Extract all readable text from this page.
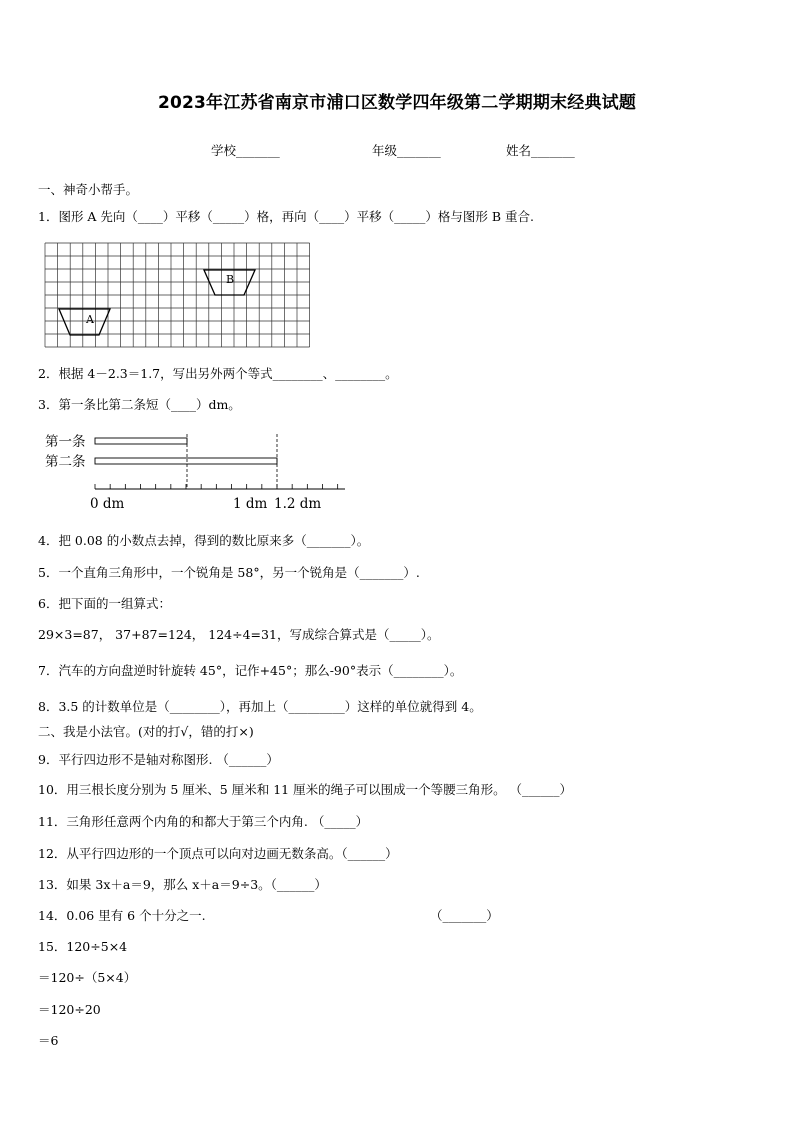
2023年江苏省南京市浦口区数学四年级第二学期期末经典试题
学校_______	年级_______	姓名_______
一、神奇小帮手。
1．图形 A 先向（____）平移（_____）格，再向（____）平移（_____）格与图形 B 重合.
B
A
2．根据 4－2.3＝1.7，写出另外两个等式________、________。
3．第一条比第二条短（____）dm。
第一条
第二条
0 dm	1 dm 1.2 dm
4．把 0.08 的小数点去掉，得到的数比原来多（_______）。
5．一个直角三角形中，一个锐角是 58°，另一个锐角是（_______）.
6．把下面的一组算式：
29×3=87， 37+87=124， 124÷4=31，写成综合算式是（_____）。
7．汽车的方向盘逆时针旋转 45°，记作+45°；那么-90°表示（________）。
8．3.5 的计数单位是（________），再加上（_________）这样的单位就得到 4。
二、我是小法官。(对的打√，错的打×)
9．平行四边形不是轴对称图形. （______）
10．用三根长度分别为 5 厘米、5 厘米和 11 厘米的绳子可以围成一个等腰三角形。 （______）
11．三角形任意两个内角的和都大于第三个内角. （_____）
12．从平行四边形的一个顶点可以向对边画无数条高。（______）
13．如果 3x＋a＝9，那么 x＋a＝9÷3。（______）
14．0.06 里有 6 个十分之一.	（_______）
15．120÷5×4
＝120÷（5×4）
＝120÷20
＝6
